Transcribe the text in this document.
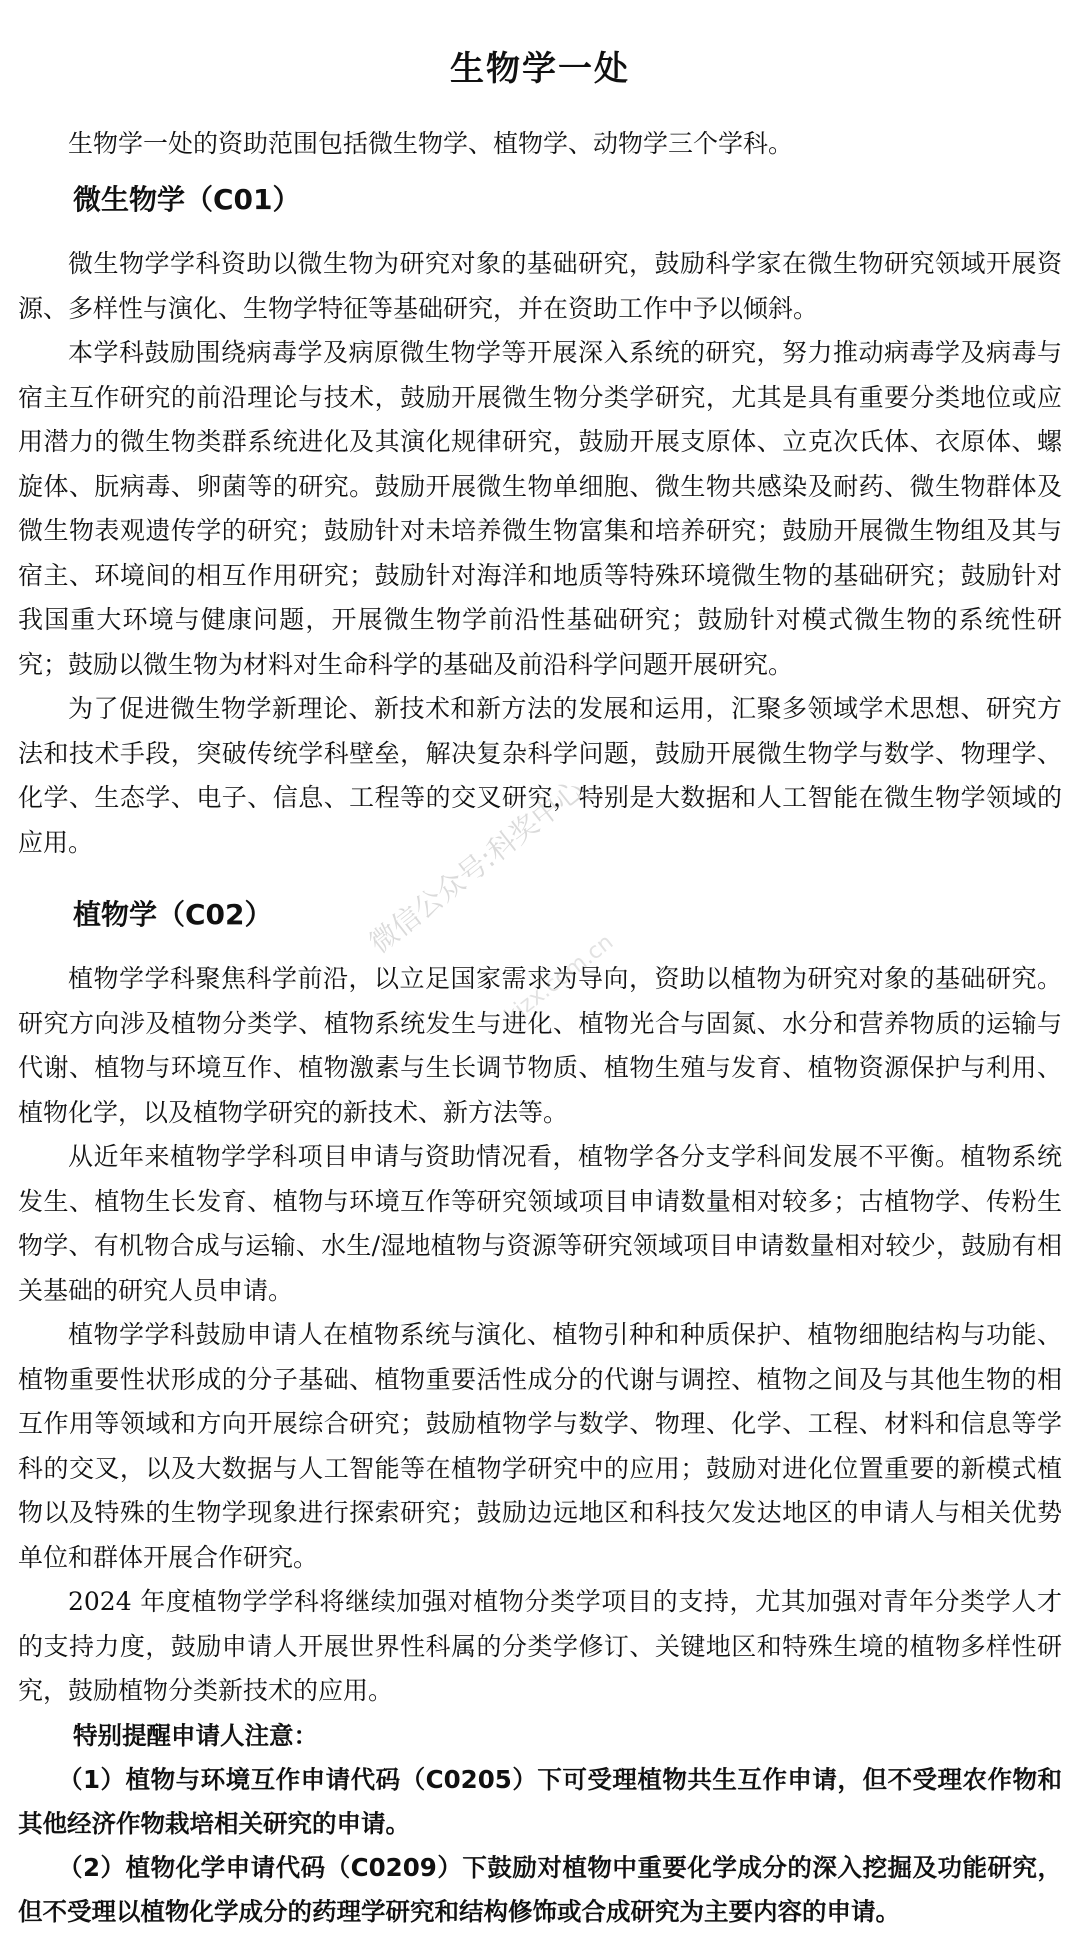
生物学一处

生物学一处的资助范围包括微生物学、植物学、动物学三个学科。

微生物学（C01）

微生物学学科资助以微生物为研究对象的基础研究，鼓励科学家在微生物研究领域开展资源、多样性与演化、生物学特征等基础研究，并在资助工作中予以倾斜。

本学科鼓励围绕病毒学及病原微生物学等开展深入系统的研究，努力推动病毒学及病毒与宿主互作研究的前沿理论与技术，鼓励开展微生物分类学研究，尤其是具有重要分类地位或应用潜力的微生物类群系统进化及其演化规律研究，鼓励开展支原体、立克次氏体、衣原体、螺旋体、朊病毒、卵菌等的研究。鼓励开展微生物单细胞、微生物共感染及耐药、微生物群体及微生物表观遗传学的研究；鼓励针对未培养微生物富集和培养研究；鼓励开展微生物组及其与宿主、环境间的相互作用研究；鼓励针对海洋和地质等特殊环境微生物的基础研究；鼓励针对我国重大环境与健康问题，开展微生物学前沿性基础研究；鼓励针对模式微生物的系统性研究；鼓励以微生物为材料对生命科学的基础及前沿科学问题开展研究。

为了促进微生物学新理论、新技术和新方法的发展和运用，汇聚多领域学术思想、研究方法和技术手段，突破传统学科壁垒，解决复杂科学问题，鼓励开展微生物学与数学、物理学、化学、生态学、电子、信息、工程等的交叉研究，特别是大数据和人工智能在微生物学领域的应用。

植物学（C02）

植物学学科聚焦科学前沿，以立足国家需求为导向，资助以植物为研究对象的基础研究。研究方向涉及植物分类学、植物系统发生与进化、植物光合与固氮、水分和营养物质的运输与代谢、植物与环境互作、植物激素与生长调节物质、植物生殖与发育、植物资源保护与利用、植物化学，以及植物学研究的新技术、新方法等。

从近年来植物学学科项目申请与资助情况看，植物学各分支学科间发展不平衡。植物系统发生、植物生长发育、植物与环境互作等研究领域项目申请数量相对较多；古植物学、传粉生物学、有机物合成与运输、水生/湿地植物与资源等研究领域项目申请数量相对较少，鼓励有相关基础的研究人员申请。

植物学学科鼓励申请人在植物系统与演化、植物引种和种质保护、植物细胞结构与功能、植物重要性状形成的分子基础、植物重要活性成分的代谢与调控、植物之间及与其他生物的相互作用等领域和方向开展综合研究；鼓励植物学与数学、物理、化学、工程、材料和信息等学科的交叉，以及大数据与人工智能等在植物学研究中的应用；鼓励对进化位置重要的新模式植物以及特殊的生物学现象进行探索研究；鼓励边远地区和科技欠发达地区的申请人与相关优势单位和群体开展合作研究。

2024 年度植物学学科将继续加强对植物分类学项目的支持，尤其加强对青年分类学人才的支持力度，鼓励申请人开展世界性科属的分类学修订、关键地区和特殊生境的植物多样性研究，鼓励植物分类新技术的应用。

特别提醒申请人注意：

（1）植物与环境互作申请代码（C0205）下可受理植物共生互作申请，但不受理农作物和其他经济作物栽培相关研究的申请。

（2）植物化学申请代码（C0209）下鼓励对植物中重要化学成分的深入挖掘及功能研究，但不受理以植物化学成分的药理学研究和结构修饰或合成研究为主要内容的申请。

微信公众号:科奖中心
kjzx.com.cn
